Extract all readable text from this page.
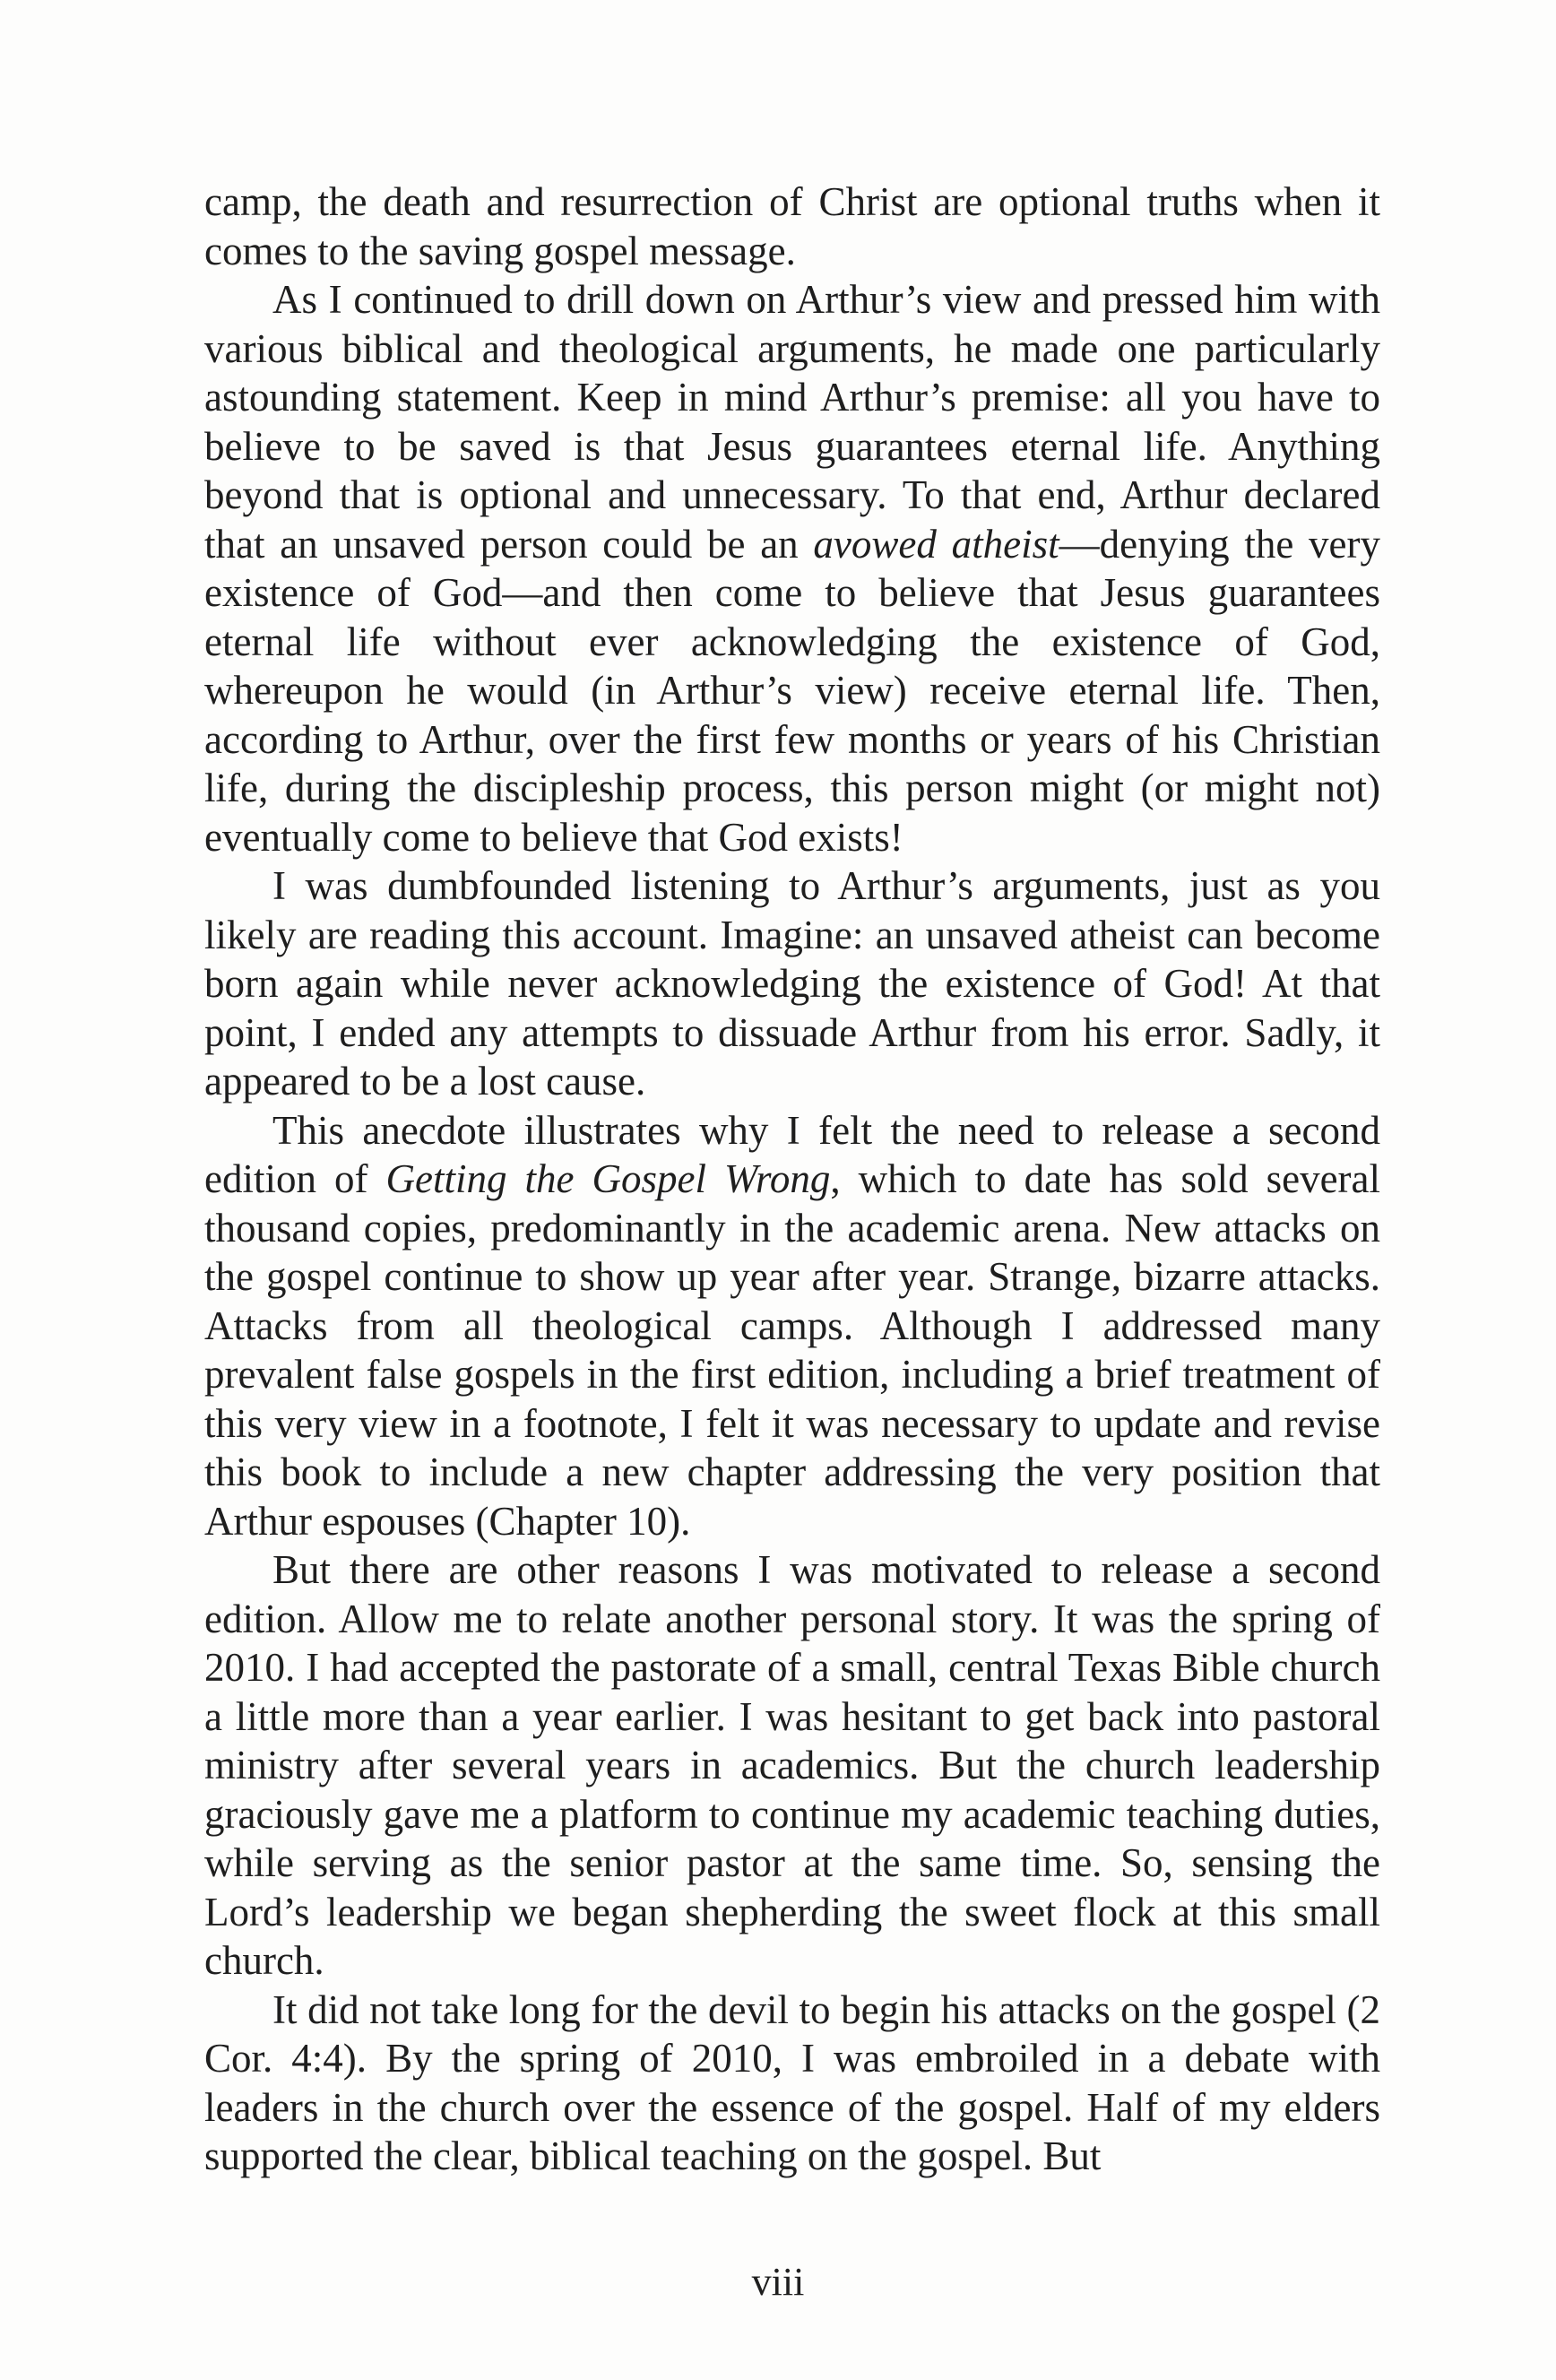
camp, the death and resurrection of Christ are optional truths when it comes to the saving gospel message.

As I continued to drill down on Arthur’s view and pressed him with various biblical and theological arguments, he made one particularly astounding statement. Keep in mind Arthur’s premise: all you have to believe to be saved is that Jesus guarantees eternal life. Anything beyond that is optional and unnecessary. To that end, Arthur declared that an unsaved person could be an avowed atheist—denying the very existence of God—and then come to believe that Jesus guarantees eternal life without ever acknowledging the existence of God, whereupon he would (in Arthur’s view) receive eternal life. Then, according to Arthur, over the first few months or years of his Christian life, during the discipleship process, this person might (or might not) eventually come to believe that God exists!

I was dumbfounded listening to Arthur’s arguments, just as you likely are reading this account. Imagine: an unsaved atheist can become born again while never acknowledging the existence of God! At that point, I ended any attempts to dissuade Arthur from his error. Sadly, it appeared to be a lost cause.

This anecdote illustrates why I felt the need to release a second edition of Getting the Gospel Wrong, which to date has sold several thousand copies, predominantly in the academic arena. New attacks on the gospel continue to show up year after year. Strange, bizarre attacks. Attacks from all theological camps. Although I addressed many prevalent false gospels in the first edition, including a brief treatment of this very view in a footnote, I felt it was necessary to update and revise this book to include a new chapter addressing the very position that Arthur espouses (Chapter 10).

But there are other reasons I was motivated to release a second edition. Allow me to relate another personal story. It was the spring of 2010. I had accepted the pastorate of a small, central Texas Bible church a little more than a year earlier. I was hesitant to get back into pastoral ministry after several years in academics. But the church leadership graciously gave me a platform to continue my academic teaching duties, while serving as the senior pastor at the same time. So, sensing the Lord’s leadership we began shepherding the sweet flock at this small church.

It did not take long for the devil to begin his attacks on the gospel (2 Cor. 4:4). By the spring of 2010, I was embroiled in a debate with leaders in the church over the essence of the gospel. Half of my elders supported the clear, biblical teaching on the gospel. But

viii
